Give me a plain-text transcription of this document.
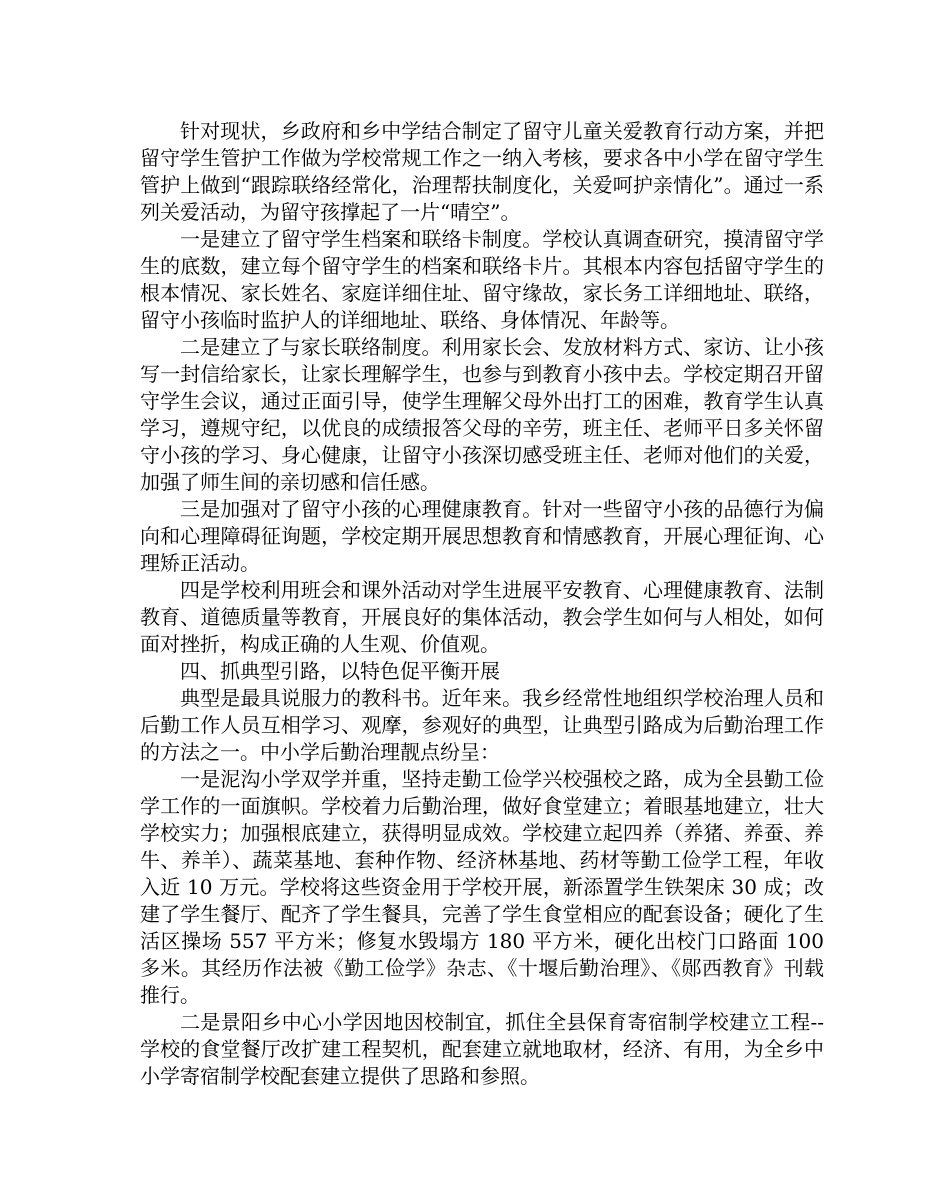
针对现状，乡政府和乡中学结合制定了留守儿童关爱教育行动方案，并把留守学生管护工作做为学校常规工作之一纳入考核，要求各中小学在留守学生管护上做到“跟踪联络经常化，治理帮扶制度化，关爱呵护亲情化”。通过一系列关爱活动，为留守孩撑起了一片“晴空”。

一是建立了留守学生档案和联络卡制度。学校认真调查研究，摸清留守学生的底数，建立每个留守学生的档案和联络卡片。其根本内容包括留守学生的根本情况、家长姓名、家庭详细住址、留守缘故，家长务工详细地址、联络，留守小孩临时监护人的详细地址、联络、身体情况、年龄等。

二是建立了与家长联络制度。利用家长会、发放材料方式、家访、让小孩写一封信给家长，让家长理解学生，也参与到教育小孩中去。学校定期召开留守学生会议，通过正面引导，使学生理解父母外出打工的困难，教育学生认真学习，遵规守纪，以优良的成绩报答父母的辛劳，班主任、老师平日多关怀留守小孩的学习、身心健康，让留守小孩深切感受班主任、老师对他们的关爱，加强了师生间的亲切感和信任感。

三是加强对了留守小孩的心理健康教育。针对一些留守小孩的品德行为偏向和心理障碍征询题，学校定期开展思想教育和情感教育，开展心理征询、心理矫正活动。

四是学校利用班会和课外活动对学生进展平安教育、心理健康教育、法制教育、道德质量等教育，开展良好的集体活动，教会学生如何与人相处，如何面对挫折，构成正确的人生观、价值观。

四、抓典型引路，以特色促平衡开展

典型是最具说服力的教科书。近年来。我乡经常性地组织学校治理人员和后勤工作人员互相学习、观摩，参观好的典型，让典型引路成为后勤治理工作的方法之一。中小学后勤治理靓点纷呈：

一是泥沟小学双学并重，坚持走勤工俭学兴校强校之路，成为全县勤工俭学工作的一面旗帜。学校着力后勤治理，做好食堂建立；着眼基地建立，壮大学校实力；加强根底建立，获得明显成效。学校建立起四养（养猪、养蚕、养牛、养羊）、蔬菜基地、套种作物、经济林基地、药材等勤工俭学工程，年收入近 10 万元。学校将这些资金用于学校开展，新添置学生铁架床 30 成；改建了学生餐厅、配齐了学生餐具，完善了学生食堂相应的配套设备；硬化了生活区操场 557 平方米；修复水毁塌方 180 平方米，硬化出校门口路面 100 多米。其经历作法被《勤工俭学》杂志、《十堰后勤治理》、《郧西教育》刊载推行。

二是景阳乡中心小学因地因校制宜，抓住全县保育寄宿制学校建立工程--学校的食堂餐厅改扩建工程契机，配套建立就地取材，经济、有用，为全乡中小学寄宿制学校配套建立提供了思路和参照。
